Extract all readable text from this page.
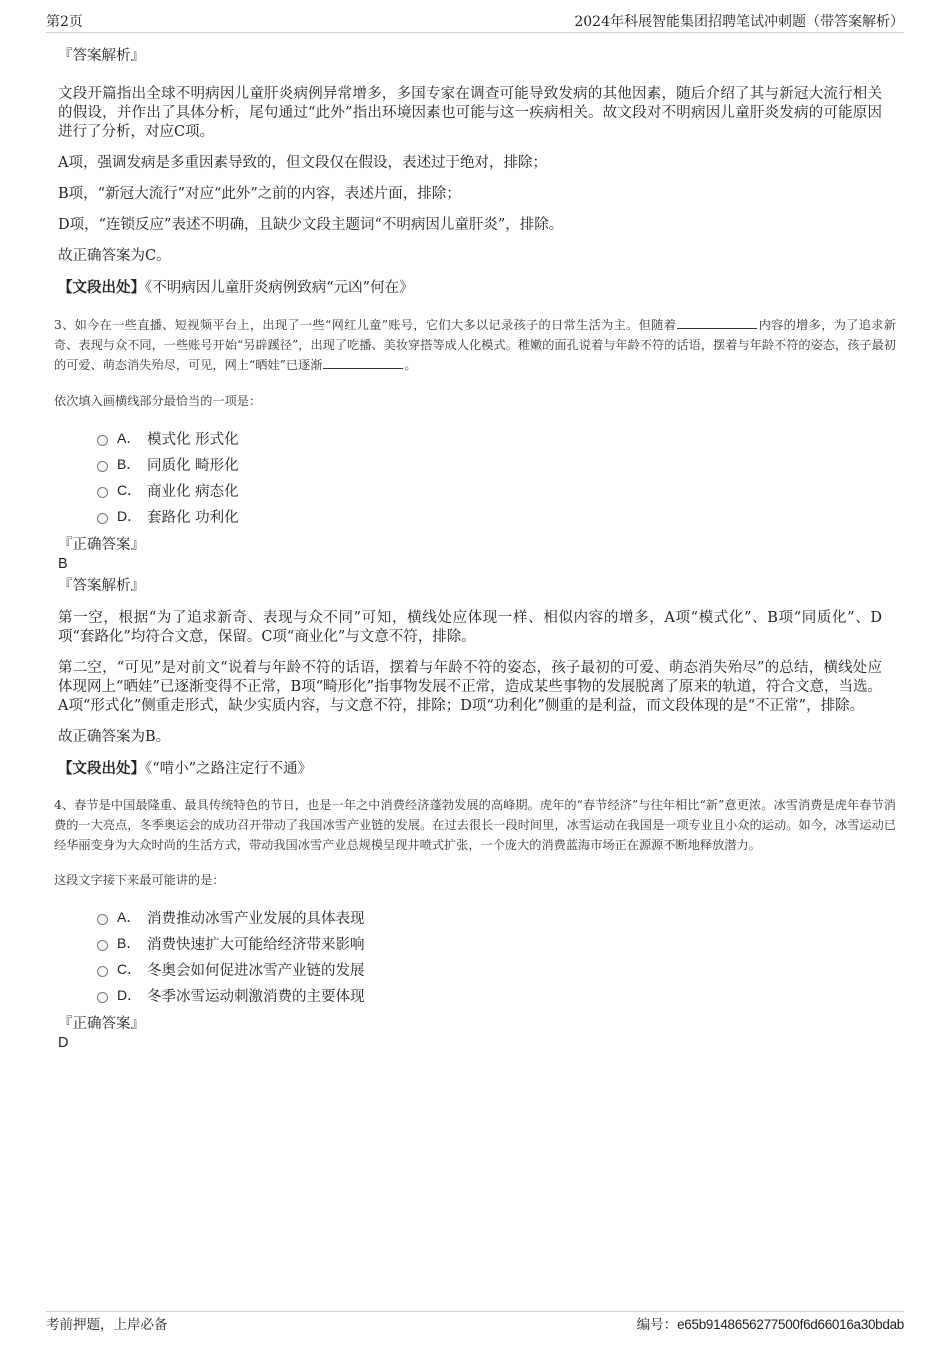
第2页	2024年科展智能集团招聘笔试冲刺题（带答案解析）
『答案解析』

文段开篇指出全球不明病因儿童肝炎病例异常增多，多国专家在调查可能导致发病的其他因素，随后介绍了其与新冠大流行相关的假设，并作出了具体分析，尾句通过“此外”指出环境因素也可能与这一疾病相关。故文段对不明病因儿童肝炎发病的可能原因进行了分析，对应C项。

A项，强调发病是多重因素导致的，但文段仅在假设，表述过于绝对，排除；

B项，“新冠大流行”对应“此外”之前的内容，表述片面，排除；

D项，“连锁反应”表述不明确，且缺少文段主题词“不明病因儿童肝炎”，排除。

故正确答案为C。

【文段出处】《不明病因儿童肝炎病例致病“元凶”何在》
3、如今在一些直播、短视频平台上，出现了一些“网红儿童”账号，它们大多以记录孩子的日常生活为主。但随着	内容的增多，为了追求新奇、表现与众不同，一些账号开始“另辟蹊径”，出现了吃播、美妆穿搭等成人化模式。稚嫩的面孔说着与年龄不符的话语，摆着与年龄不符的姿态，孩子最初的可爱、萌态消失殆尽，可见，网上“晒娃”已逐渐	。
依次填入画横线部分最恰当的一项是：
A． 模式化 形式化
B． 同质化 畸形化
C． 商业化 病态化
D． 套路化 功利化
『正确答案』
B
『答案解析』

第一空，根据“为了追求新奇、表现与众不同”可知，横线处应体现一样、相似内容的增多，A项“模式化”、B项“同质化”、D项“套路化”均符合文意，保留。C项“商业化”与文意不符，排除。

第二空，“可见”是对前文“说着与年龄不符的话语，摆着与年龄不符的姿态，孩子最初的可爱、萌态消失殆尽”的总结，横线处应体现网上“晒娃”已逐渐变得不正常，B项“畸形化”指事物发展不正常，造成某些事物的发展脱离了原来的轨道，符合文意，当选。A项“形式化”侧重走形式，缺少实质内容，与文意不符，排除；D项“功利化”侧重的是利益，而文段体现的是“不正常”，排除。

故正确答案为B。

【文段出处】《“啃小”之路注定行不通》
4、春节是中国最隆重、最具传统特色的节日，也是一年之中消费经济蓬勃发展的高峰期。虎年的“春节经济”与往年相比“新”意更浓。冰雪消费是虎年春节消费的一大亮点，冬季奥运会的成功召开带动了我国冰雪产业链的发展。在过去很长一段时间里，冰雪运动在我国是一项专业且小众的运动。如今，冰雪运动已经华丽变身为大众时尚的生活方式，带动我国冰雪产业总规模呈现井喷式扩张，一个庞大的消费蓝海市场正在源源不断地释放潜力。
这段文字接下来最可能讲的是：
A． 消费推动冰雪产业发展的具体表现
B． 消费快速扩大可能给经济带来影响
C． 冬奥会如何促进冰雪产业链的发展
D． 冬季冰雪运动刺激消费的主要体现
『正确答案』
D
考前押题，上岸必备	编号：e65b9148656277500f6d66016a30bdab
